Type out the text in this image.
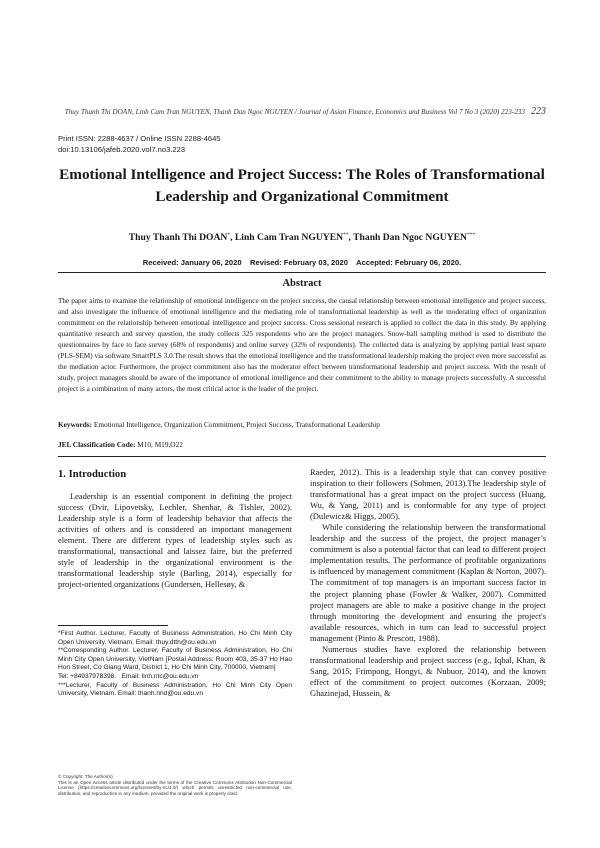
Thuy Thanh Thi DOAN, Linh Cam Tran NGUYEN, Thanh Dan Ngoc NGUYEN / Journal of Asian Finance, Economics and Business Vol 7 No 3 (2020) 223-233 223
Print ISSN: 2288-4637 / Online ISSN 2288-4645
doi:10.13106/jafeb.2020.vol7.no3.223
Emotional Intelligence and Project Success: The Roles of Transformational
Leadership and Organizational Commitment
Thuy Thanh Thi DOAN*, Linh Cam Tran NGUYEN**, Thanh Dan Ngoc NGUYEN***
Received: January 06, 2020    Revised: February 03, 2020    Accepted: February 06, 2020.
Abstract
The paper aims to examine the relationship of emotional intelligence on the project success, the causal relationship between emotional intelligence and project success, and also investigate the influence of emotional intelligence and the mediating role of transformational leadership as well as the moderating effect of organization commitment on the relationship between emotional intelligence and project success. Cross sessional research is applied to collect the data in this study. By applying quantitative research and survey question, the study collects 325 respondents who are the project managers. Snow-ball sampling method is used to distribute the questionnaires by face to face survey (68% of respondents) and online survey (32% of respondents). The collected data is analyzing by applying partial least square (PLS-SEM) via software SmartPLS 3.0.The result shows that the emotional intelligence and the transformational leadership making the project even more successful as the mediation actor. Furthermore, the project commitment also has the moderator effect between transformational leadership and project success. With the result of study, project managers should be aware of the importance of emotional intelligence and their commitment to the ability to manage projects successfully. A successful project is a combination of many actors, the most critical actor is the leader of the project.
Keywords: Emotional Intelligence, Organization Commitment, Project Success, Transformational Leadership
JEL Classification Code: M10, M19,O22
1. Introduction

Leadership is an essential component in defining the project success (Dvir, Lipovetsky, Lechler, Shenhar, & Tishler, 2002). Leadership style is a form of leadership behavior that affects the activities of others and is considered an important management element. There are different types of leadership styles such as transformational, transactional and laissez faire, but the preferred style of leadership in the organizational environment is the transformational leadership style (Barling, 2014), especially for project-oriented organizations (Gundersen, Hellesøy, &

*First Author. Lecturer, Faculty of Business Administration, Ho Chi Minh City Open University, Vietnam. Email: thuy.dtth@ou.edu.vn
**Corresponding Author. Lecturer, Faculty of Business Administration, Ho Chi Minh City Open University, VietNam [Postal Address: Room 403, 35-37 Ho Hao Hon Street, Co Giang Ward, District 1, Ho Chi Minh City, 700000, Vietnam]
Tel: +84937978398.   Email: linh.ntc@ou.edu.vn
***Lecturer, Faculty of Business Administration, Ho Chi Minh City Open University, Vietnam. Email: thanh.nnd@ou.edu.vn
© Copyright: The Author(s)
This is an Open Access article distributed under the terms of the Creative Commons Attribution Non-Commercial License (https://creativecommons.org/licenses/by-nc/4.0/) which permits unrestricted non-commercial use, distribution, and reproduction in any medium, provided the original work is properly cited.

Raeder, 2012). This is a leadership style that can convey positive inspiration to their followers (Sohmen, 2013).The leadership style of transformational has a great impact on the project success (Huang, Wu, & Yang, 2011) and is conformable for any type of project (Dulewicz& Higgs, 2005).

While considering the relationship between the transformational leadership and the success of the project, the project manager’s commitment is also a potential factor that can lead to different project implementation results. The performance of profitable organizations is influenced by management commitment (Kaplan & Norton, 2007). The commitment of top managers is an important success factor in the project planning phase (Fowler & Walker, 2007). Committed project managers are able to make a positive change in the project through monitoring the development and ensuring the project's available resources, which in turn can lead to successful project management (Pinto & Prescott, 1988).

Numerous studies have explored the relationship between transformational leadership and project success (e.g., Iqbal, Khan, & Sang, 2015; Frimpong, Hongyi, & Nubuor, 2014), and the known effect of the commitment to project outcomes (Korzaan, 2009; Ghazinejad, Hussein, &
